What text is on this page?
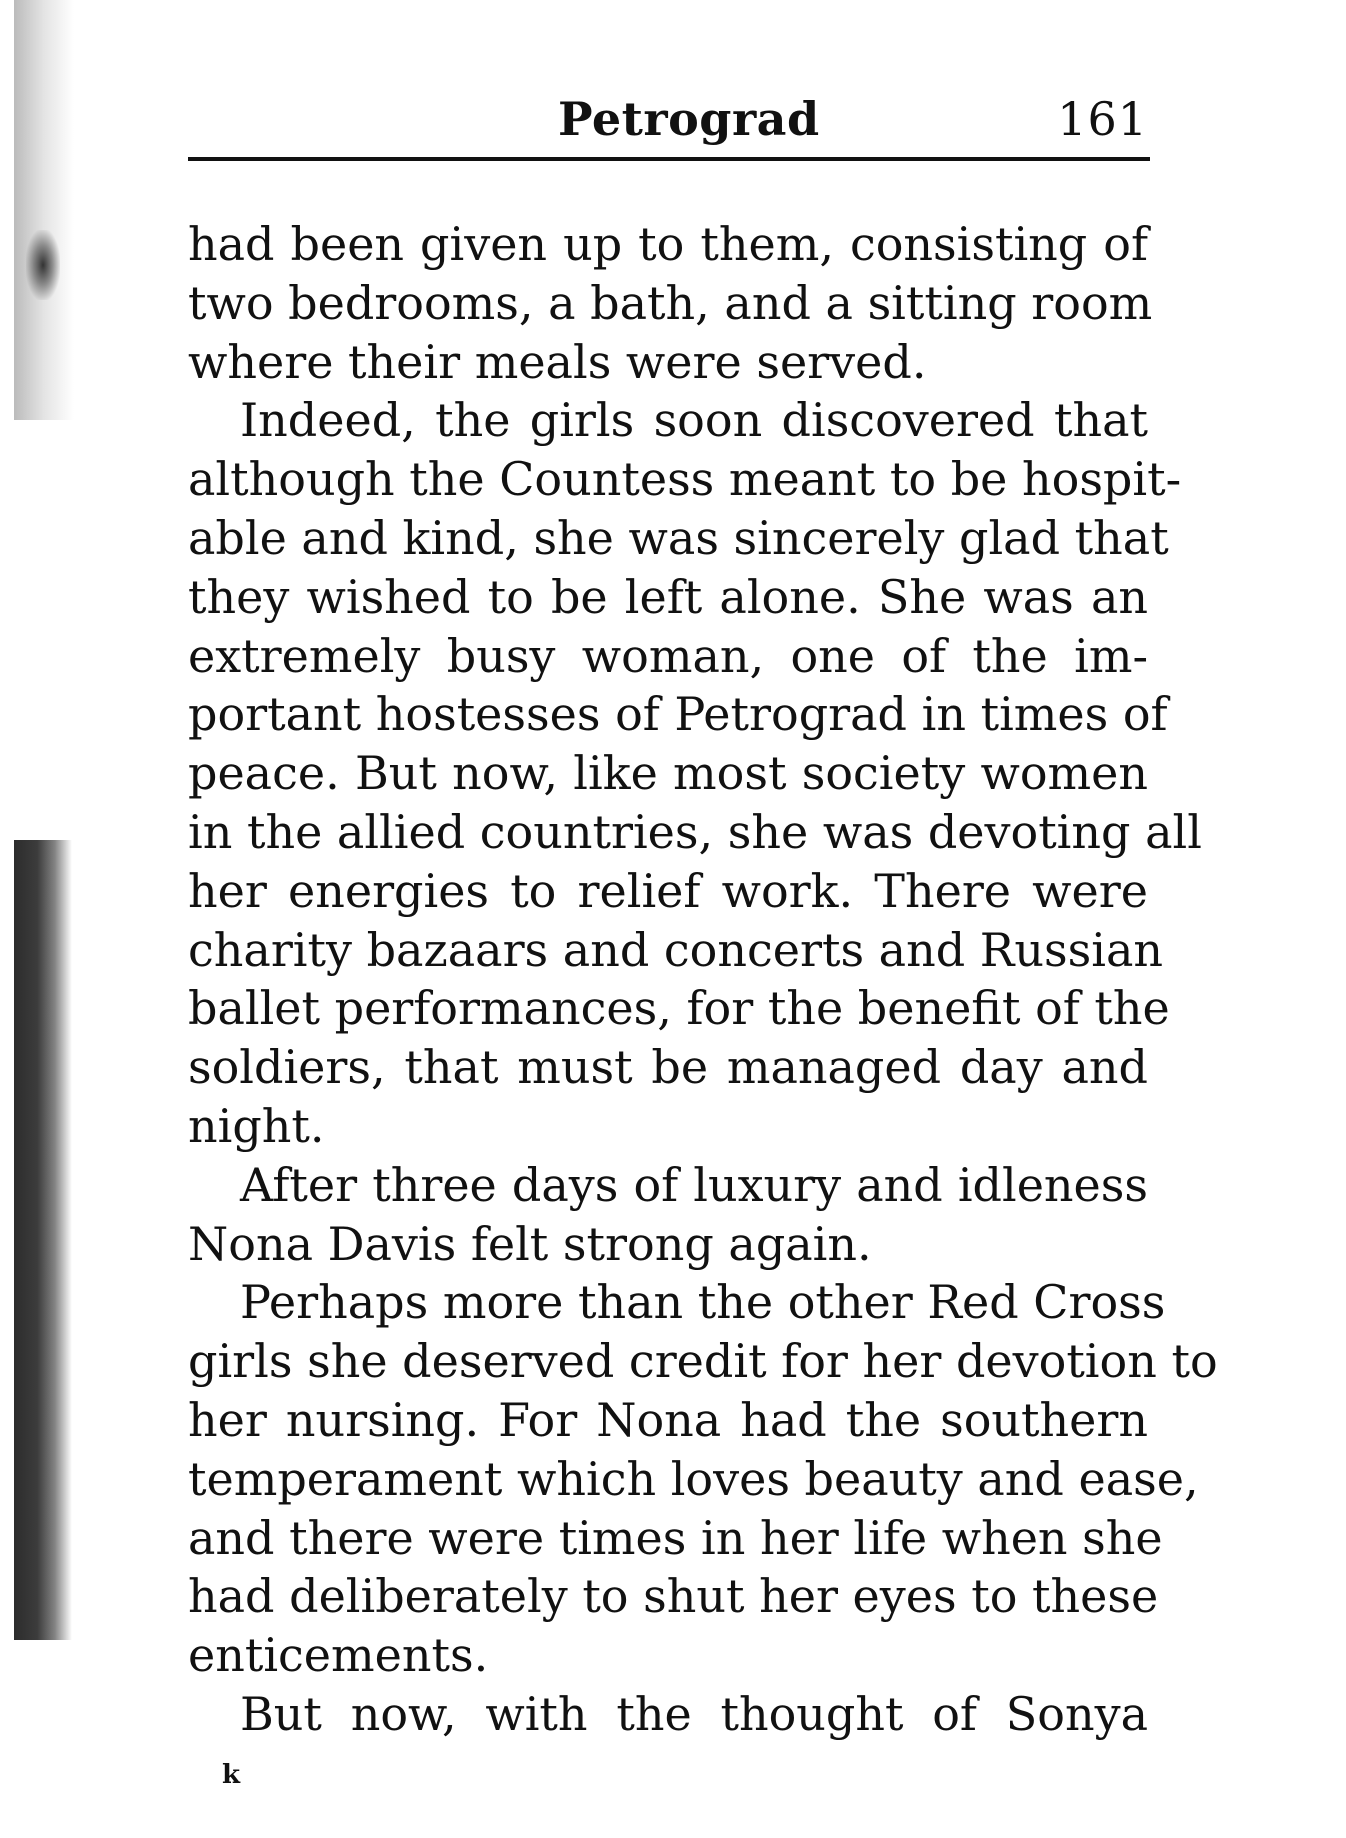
Petrograd	161
had been given up to them, consisting of
two bedrooms, a bath, and a sitting room
where their meals were served.
Indeed, the girls soon discovered that
although the Countess meant to be hospit-
able and kind, she was sincerely glad that
they wished to be left alone. She was an
extremely busy woman, one of the im-
portant hostesses of Petrograd in times of
peace. But now, like most society women
in the allied countries, she was devoting all
her energies to relief work. There were
charity bazaars and concerts and Russian
ballet performances, for the benefit of the
soldiers, that must be managed day and
night.
After three days of luxury and idleness
Nona Davis felt strong again.
Perhaps more than the other Red Cross
girls she deserved credit for her devotion to
her nursing. For Nona had the southern
temperament which loves beauty and ease,
and there were times in her life when she
had deliberately to shut her eyes to these
enticements.
But now, with the thought of Sonya
k
